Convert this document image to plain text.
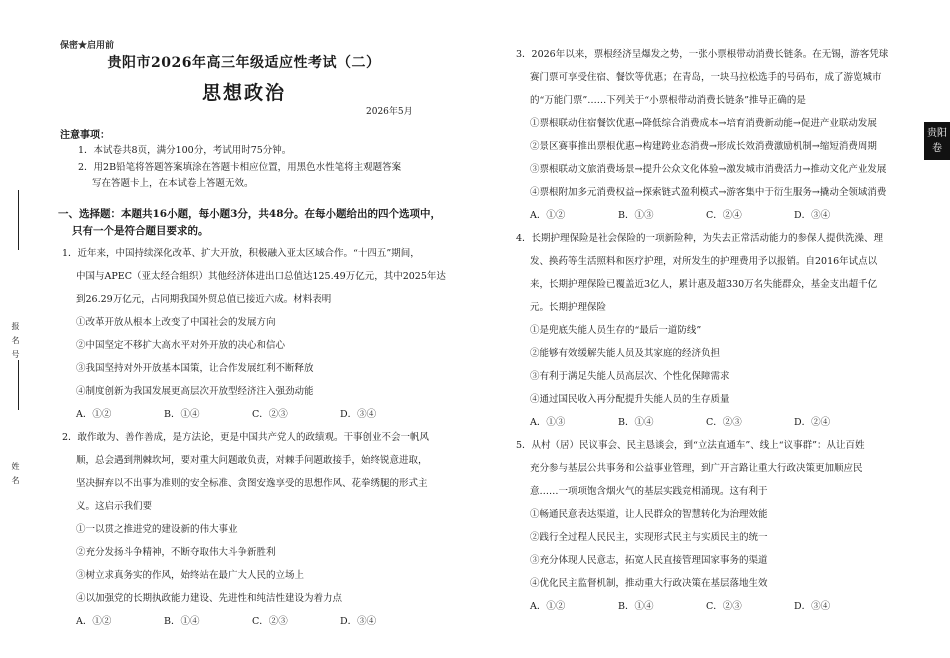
报名号
姓名
保密★启用前
贵阳市2026年高三年级适应性考试（二）
思想政治
2026年5月
注意事项：
1．本试卷共8页，满分100分，考试用时75分钟。
2．用2B铅笔将答题答案填涂在答题卡相应位置，用黑色水性笔将主观题答案
写在答题卡上，在本试卷上答题无效。
一、选择题：本题共16小题，每小题3分，共48分。在每小题给出的四个选项中，
只有一个是符合题目要求的。
1．近年来，中国持续深化改革、扩大开放，积极融入亚太区域合作。“十四五”期间，
中国与APEC（亚太经合组织）其他经济体进出口总值达125.49万亿元，其中2025年达
到26.29万亿元，占同期我国外贸总值已接近六成。材料表明
①改革开放从根本上改变了中国社会的发展方向
②中国坚定不移扩大高水平对外开放的决心和信心
③我国坚持对外开放基本国策，让合作发展红利不断释放
④制度创新为我国发展更高层次开放型经济注入强劲动能
A．①②	B．①④	C．②③	D．③④
2．敢作敢为、善作善成，是方法论，更是中国共产党人的政绩观。干事创业不会一帆风
顺，总会遇到荆棘坎坷，要对重大问题敢负责，对棘手问题敢接手，始终锐意进取，
坚决摒弃以不出事为准则的安全标准、贪图安逸享受的思想作风、花拳绣腿的形式主
义。这启示我们要
①一以贯之推进党的建设新的伟大事业
②充分发扬斗争精神，不断夺取伟大斗争新胜利
③树立求真务实的作风，始终站在最广大人民的立场上
④以加强党的长期执政能力建设、先进性和纯洁性建设为着力点
A．①②	B．①④	C．②③	D．③④
3．2026年以来，票根经济呈爆发之势，一张小票根带动消费长链条。在无锡，游客凭球
赛门票可享受住宿、餐饮等优惠；在青岛，一块马拉松选手的号码布，成了游览城市
的“万能门票”……下列关于“小票根带动消费长链条”推导正确的是
①票根联动住宿餐饮优惠→降低综合消费成本→培育消费新动能→促进产业联动发展
②景区赛事推出票根优惠→构建跨业态消费→形成长效消费激励机制→缩短消费周期
③票根联动文旅消费场景→提升公众文化体验→激发城市消费活力→推动文化产业发展
④票根附加多元消费权益→探索链式盈利模式→游客集中于衍生服务→撬动全领域消费
A．①②	B．①③	C．②④	D．③④
4．长期护理保险是社会保险的一项新险种，为失去正常活动能力的参保人提供洗澡、理
发、换药等生活照料和医疗护理，对所发生的护理费用予以报销。自2016年试点以
来，长期护理保险已覆盖近3亿人，累计惠及超330万名失能群众，基金支出超千亿
元。长期护理保险
①是兜底失能人员生存的“最后一道防线”
②能够有效缓解失能人员及其家庭的经济负担
③有利于满足失能人员高层次、个性化保障需求
④通过国民收入再分配提升失能人员的生存质量
A．①③	B．①④	C．②③	D．②④
5．从村（居）民议事会、民主恳谈会，到“立法直通车”、线上“议事群”：从让百姓
充分参与基层公共事务和公益事业管理，到广开言路让重大行政决策更加顺应民
意……一项项饱含烟火气的基层实践竞相涌现。这有利于
①畅通民意表达渠道，让人民群众的智慧转化为治理效能
②践行全过程人民民主，实现形式民主与实质民主的统一
③充分体现人民意志，拓宽人民直接管理国家事务的渠道
④优化民主监督机制，推动重大行政决策在基层落地生效
A．①②	B．①④	C．②③	D．③④
贵阳卷
